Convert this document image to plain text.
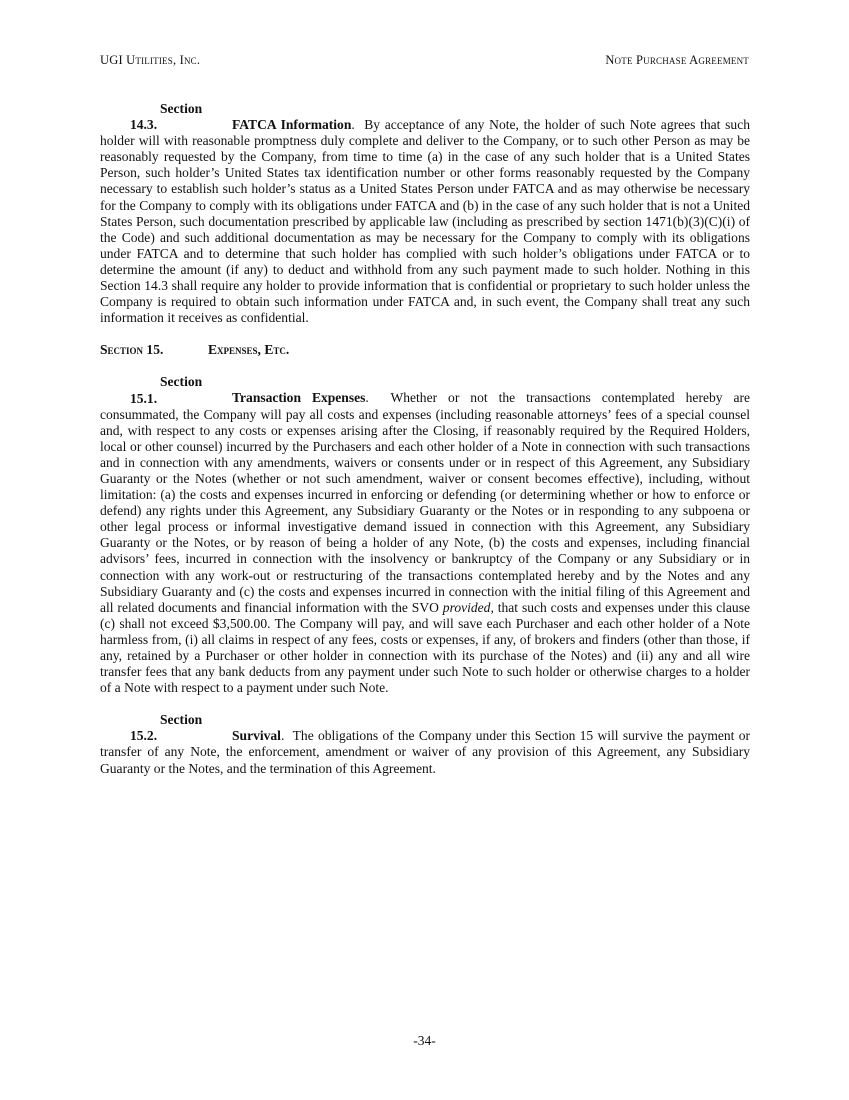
UGI Utilities, Inc.	Note Purchase Agreement

Section 14.3.	FATCA Information. By acceptance of any Note, the holder of such Note agrees that such holder will with reasonable promptness duly complete and deliver to the Company, or to such other Person as may be reasonably requested by the Company, from time to time (a) in the case of any such holder that is a United States Person, such holder’s United States tax identification number or other forms reasonably requested by the Company necessary to establish such holder’s status as a United States Person under FATCA and as may otherwise be necessary for the Company to comply with its obligations under FATCA and (b) in the case of any such holder that is not a United States Person, such documentation prescribed by applicable law (including as prescribed by section 1471(b)(3)(C)(i) of the Code) and such additional documentation as may be necessary for the Company to comply with its obligations under FATCA and to determine that such holder has complied with such holder’s obligations under FATCA or to determine the amount (if any) to deduct and withhold from any such payment made to such holder. Nothing in this Section 14.3 shall require any holder to provide information that is confidential or proprietary to such holder unless the Company is required to obtain such information under FATCA and, in such event, the Company shall treat any such information it receives as confidential.

Section 15.	Expenses, Etc.

Section 15.1.	Transaction Expenses. Whether or not the transactions contemplated hereby are consummated, the Company will pay all costs and expenses (including reasonable attorneys’ fees of a special counsel and, with respect to any costs or expenses arising after the Closing, if reasonably required by the Required Holders, local or other counsel) incurred by the Purchasers and each other holder of a Note in connection with such transactions and in connection with any amendments, waivers or consents under or in respect of this Agreement, any Subsidiary Guaranty or the Notes (whether or not such amendment, waiver or consent becomes effective), including, without limitation: (a) the costs and expenses incurred in enforcing or defending (or determining whether or how to enforce or defend) any rights under this Agreement, any Subsidiary Guaranty or the Notes or in responding to any subpoena or other legal process or informal investigative demand issued in connection with this Agreement, any Subsidiary Guaranty or the Notes, or by reason of being a holder of any Note, (b) the costs and expenses, including financial advisors’ fees, incurred in connection with the insolvency or bankruptcy of the Company or any Subsidiary or in connection with any work-out or restructuring of the transactions contemplated hereby and by the Notes and any Subsidiary Guaranty and (c) the costs and expenses incurred in connection with the initial filing of this Agreement and all related documents and financial information with the SVO provided, that such costs and expenses under this clause (c) shall not exceed $3,500.00. The Company will pay, and will save each Purchaser and each other holder of a Note harmless from, (i) all claims in respect of any fees, costs or expenses, if any, of brokers and finders (other than those, if any, retained by a Purchaser or other holder in connection with its purchase of the Notes) and (ii) any and all wire transfer fees that any bank deducts from any payment under such Note to such holder or otherwise charges to a holder of a Note with respect to a payment under such Note.

Section 15.2.	Survival. The obligations of the Company under this Section 15 will survive the payment or transfer of any Note, the enforcement, amendment or waiver of any provision of this Agreement, any Subsidiary Guaranty or the Notes, and the termination of this Agreement.

-34-
